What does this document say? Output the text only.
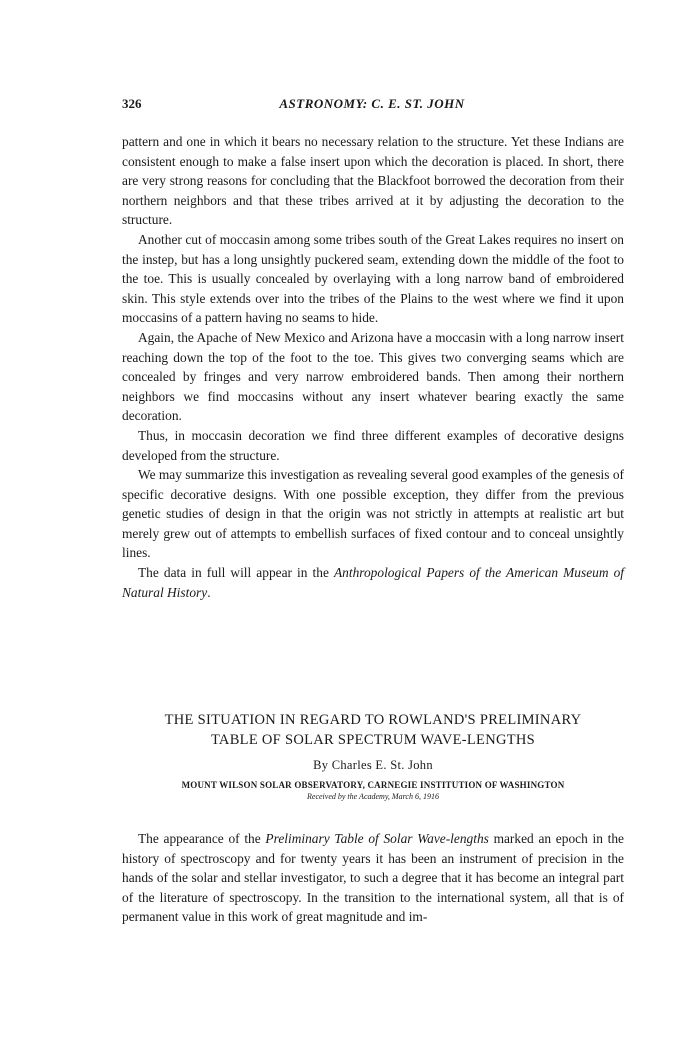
326	ASTRONOMY: C. E. ST. JOHN

pattern and one in which it bears no necessary relation to the structure. Yet these Indians are consistent enough to make a false insert upon which the decoration is placed. In short, there are very strong reasons for concluding that the Blackfoot borrowed the decoration from their northern neighbors and that these tribes arrived at it by adjusting the decoration to the structure.

Another cut of moccasin among some tribes south of the Great Lakes requires no insert on the instep, but has a long unsightly puckered seam, extending down the middle of the foot to the toe. This is usually concealed by overlaying with a long narrow band of embroidered skin. This style extends over into the tribes of the Plains to the west where we find it upon moccasins of a pattern having no seams to hide.

Again, the Apache of New Mexico and Arizona have a moccasin with a long narrow insert reaching down the top of the foot to the toe. This gives two converging seams which are concealed by fringes and very narrow embroidered bands. Then among their northern neighbors we find moccasins without any insert whatever bearing exactly the same decoration.

Thus, in moccasin decoration we find three different examples of decorative designs developed from the structure.

We may summarize this investigation as revealing several good examples of the genesis of specific decorative designs. With one possible exception, they differ from the previous genetic studies of design in that the origin was not strictly in attempts at realistic art but merely grew out of attempts to embellish surfaces of fixed contour and to conceal unsightly lines.

The data in full will appear in the Anthropological Papers of the American Museum of Natural History.

THE SITUATION IN REGARD TO ROWLAND'S PRELIMINARY
TABLE OF SOLAR SPECTRUM WAVE-LENGTHS

By Charles E. St. John
MOUNT WILSON SOLAR OBSERVATORY, CARNEGIE INSTITUTION OF WASHINGTON
Received by the Academy, March 6, 1916

The appearance of the Preliminary Table of Solar Wave-lengths marked an epoch in the history of spectroscopy and for twenty years it has been an instrument of precision in the hands of the solar and stellar investigator, to such a degree that it has become an integral part of the literature of spectroscopy. In the transition to the international system, all that is of permanent value in this work of great magnitude and im-
